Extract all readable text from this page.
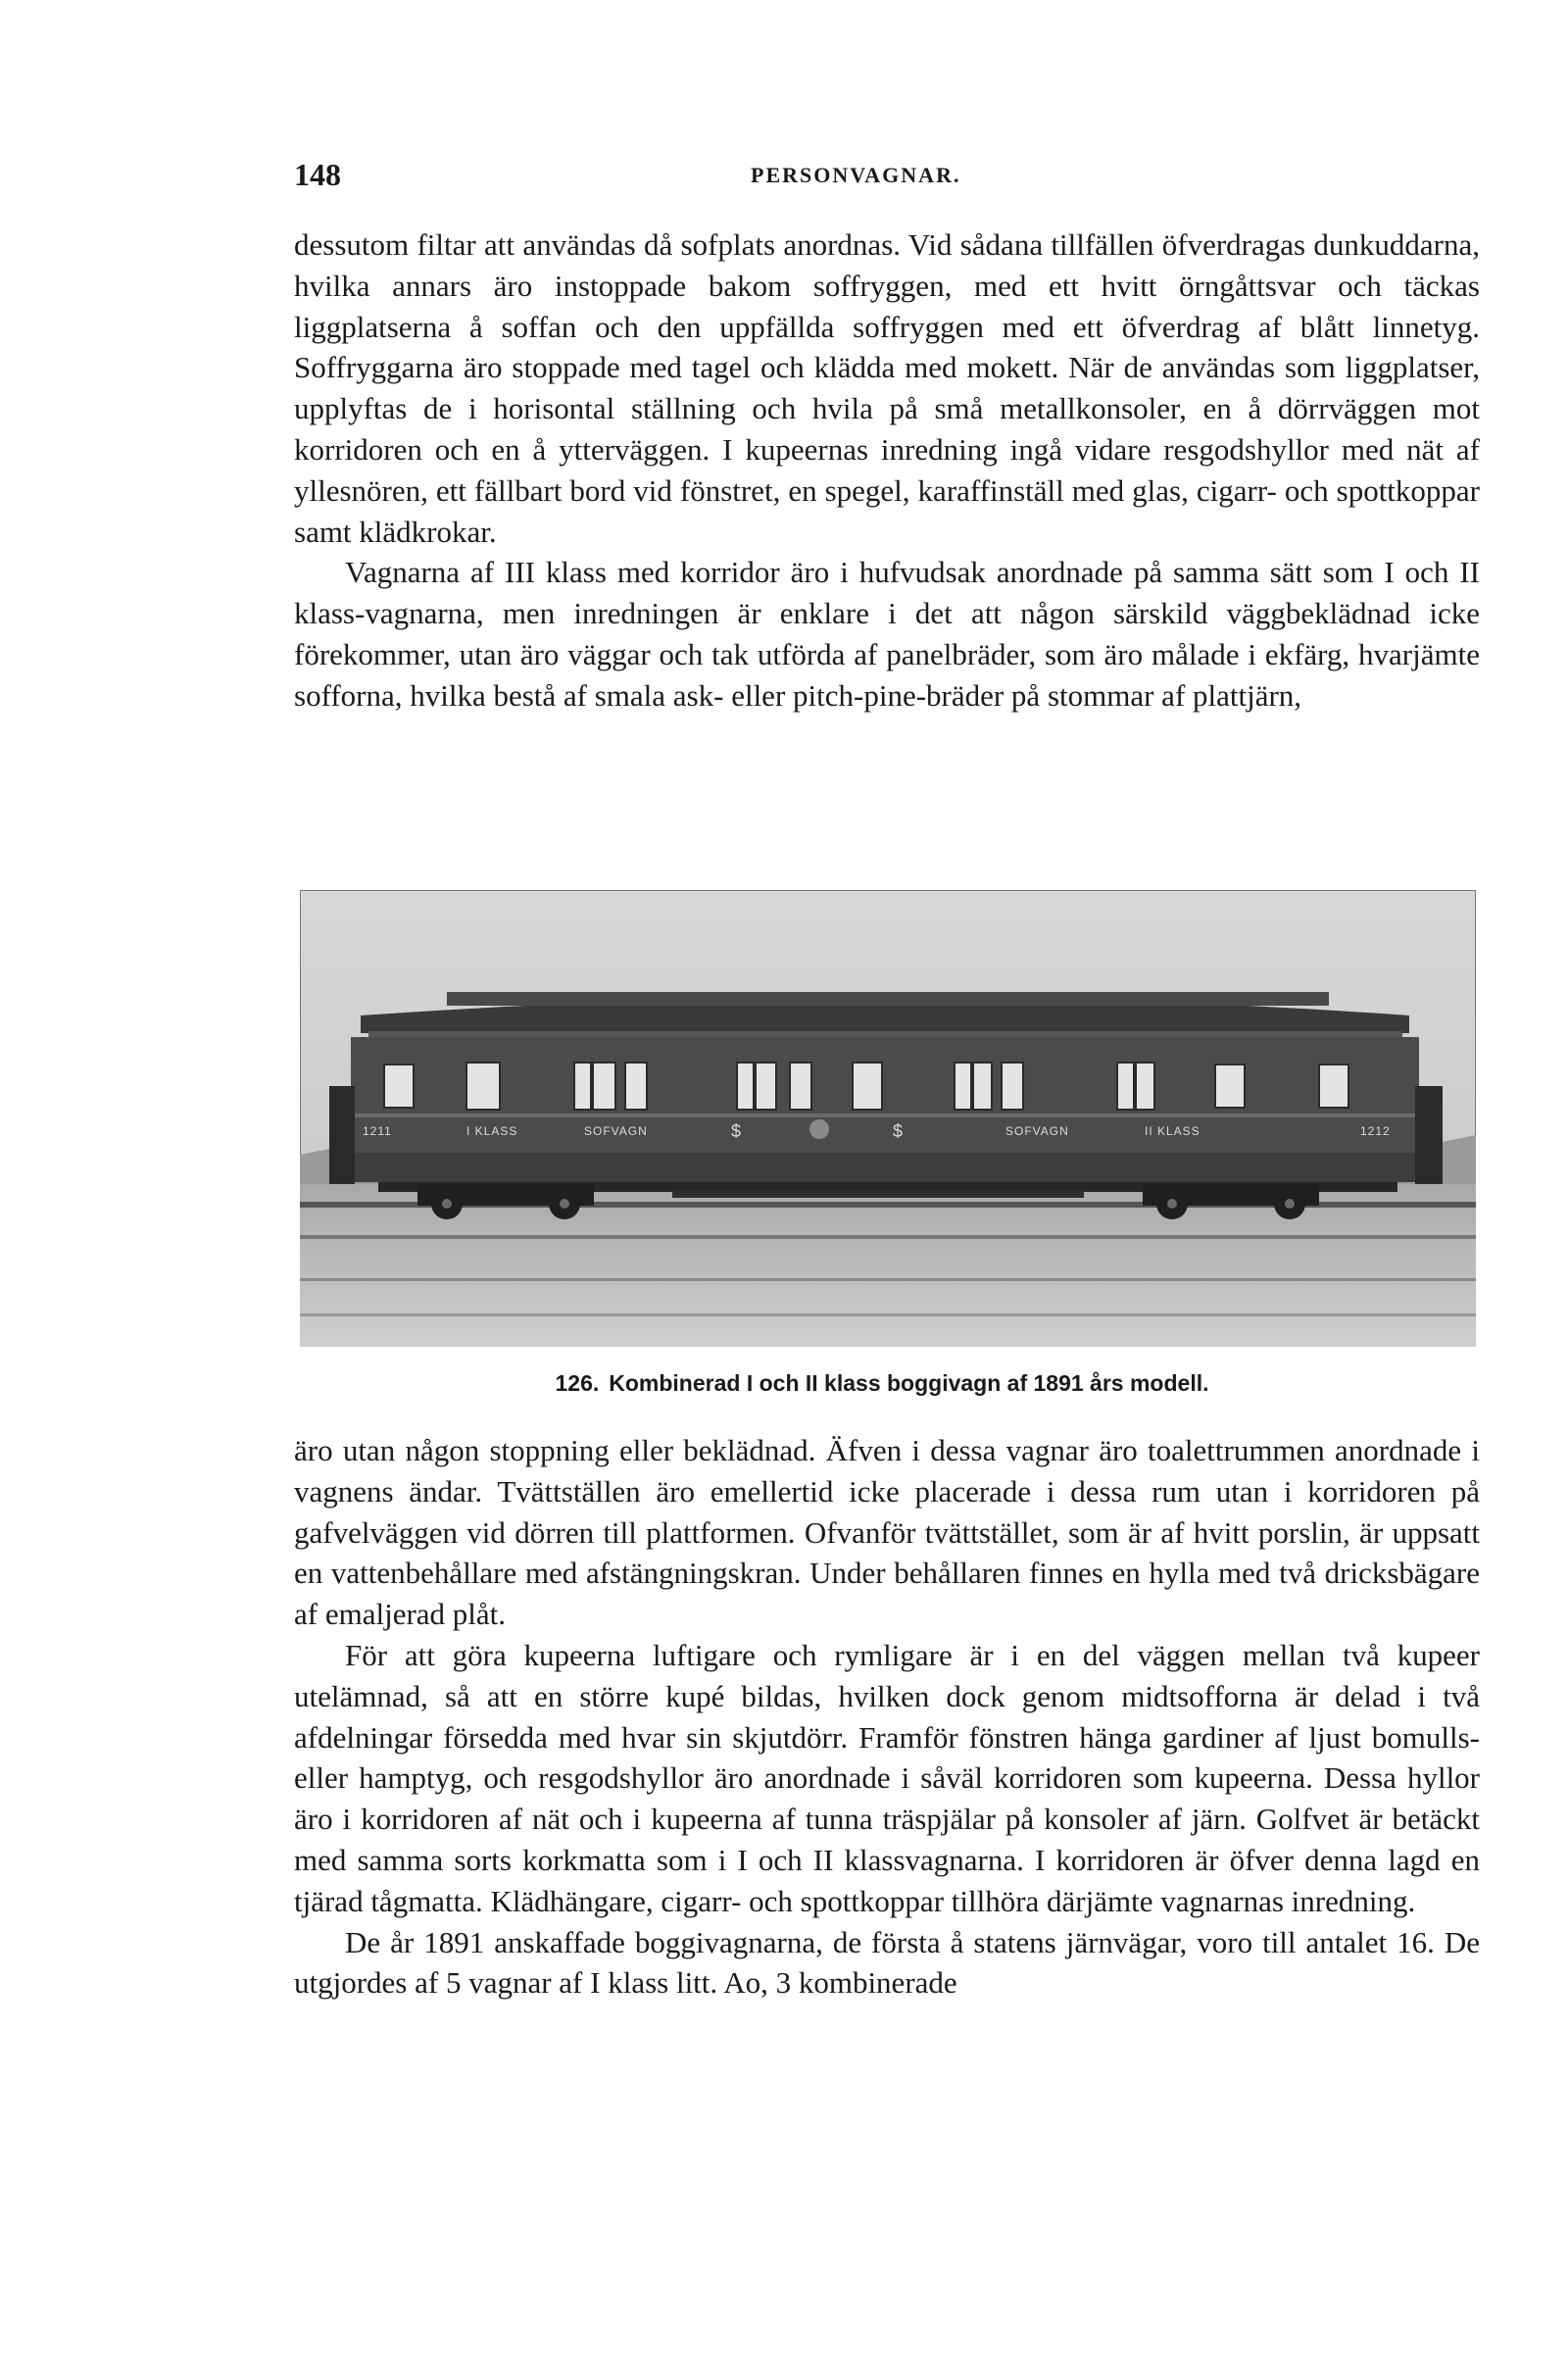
148	PERSONVAGNAR.

dessutom filtar att användas då sofplats anordnas. Vid sådana tillfällen öfverdragas dunkuddarna, hvilka annars äro instoppade bakom soffryggen, med ett hvitt örngåttsvar och täckas liggplatserna å soffan och den uppfällda soffryggen med ett öfverdrag af blått linnetyg. Soffryggarna äro stoppade med tagel och klädda med mokett. När de användas som liggplatser, upplyftas de i horisontal ställning och hvila på små metallkonsoler, en å dörrväggen mot korridoren och en å ytterväggen. I kupeernas inredning ingå vidare resgodshyllor med nät af yllesnören, ett fällbart bord vid fönstret, en spegel, karaffinställ med glas, cigarr- och spottkoppar samt klädkrokar.

Vagnarna af III klass med korridor äro i hufvudsak anordnade på samma sätt som I och II klass-vagnarna, men inredningen är enklare i det att någon särskild väggbeklädnad icke förekommer, utan äro väggar och tak utförda af panelbräder, som äro målade i ekfärg, hvarjämte sofforna, hvilka bestå af smala ask- eller pitch-pine-bräder på stommar af plattjärn,

1211	I KLASS	SOFVAGN	$	$	SOFVAGN	II KLASS	1212
126. Kombinerad I och II klass boggivagn af 1891 års modell.

äro utan någon stoppning eller beklädnad. Äfven i dessa vagnar äro toalettrummen anordnade i vagnens ändar. Tvättställen äro emellertid icke placerade i dessa rum utan i korridoren på gafvelväggen vid dörren till plattformen. Ofvanför tvättstället, som är af hvitt porslin, är uppsatt en vattenbehållare med afstängningskran. Under behållaren finnes en hylla med två dricksbägare af emaljerad plåt.

För att göra kupeerna luftigare och rymligare är i en del väggen mellan två kupeer utelämnad, så att en större kupé bildas, hvilken dock genom midtsofforna är delad i två afdelningar försedda med hvar sin skjutdörr. Framför fönstren hänga gardiner af ljust bomulls- eller hamptyg, och resgodshyllor äro anordnade i såväl korridoren som kupeerna. Dessa hyllor äro i korridoren af nät och i kupeerna af tunna träspjälar på konsoler af järn. Golfvet är betäckt med samma sorts korkmatta som i I och II klassvagnarna. I korridoren är öfver denna lagd en tjärad tågmatta. Klädhängare, cigarr- och spottkoppar tillhöra därjämte vagnarnas inredning.

De år 1891 anskaffade boggivagnarna, de första å statens järnvägar, voro till antalet 16. De utgjordes af 5 vagnar af I klass litt. Ao, 3 kombinerade
